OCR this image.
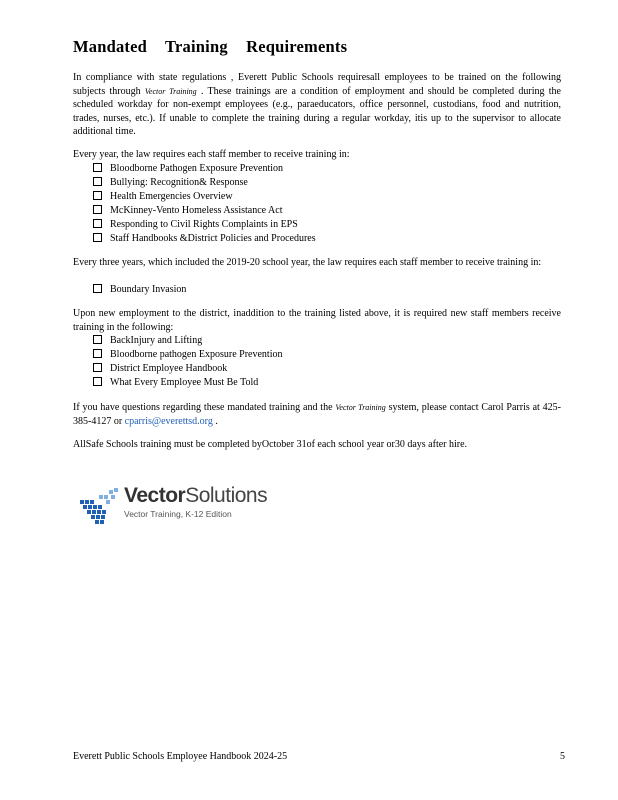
Mandated Training Requirements
In compliance with state regulations , Everett Public Schools requiresall employees to be trained on the following subjects through Vector Training . These trainings are a condition of employment and should be completed during the scheduled workday for non-exempt employees (e.g., paraeducators, office personnel, custodians, food and nutrition, trades, nurses, etc.). If unable to complete the training during a regular workday, itis up to the supervisor to allocate additional time.
Every year, the law requires each staff member to receive training in:
Bloodborne Pathogen Exposure Prevention
Bullying: Recognition& Response
Health Emergencies Overview
McKinney-Vento Homeless Assistance Act
Responding to Civil Rights Complaints in EPS
Staff Handbooks &District Policies and Procedures
Every three years, which included the 2019-20 school year, the law requires each staff member to receive training in:
Boundary Invasion
Upon new employment to the district, inaddition to the training listed above, it is required new staff members receive training in the following:
BackInjury and Lifting
Bloodborne pathogen Exposure Prevention
District Employee Handbook
What Every Employee Must Be Told
If you have questions regarding these mandated training and the Vector Training system, please contact Carol Parris at 425-385-4127 or cparris@everettsd.org .
AllSafe Schools training must be completed byOctober 31of each school year or30 days after hire.
VectorSolutions
Vector Training, K-12 Edition
Everett Public Schools Employee Handbook 2024-25	5
